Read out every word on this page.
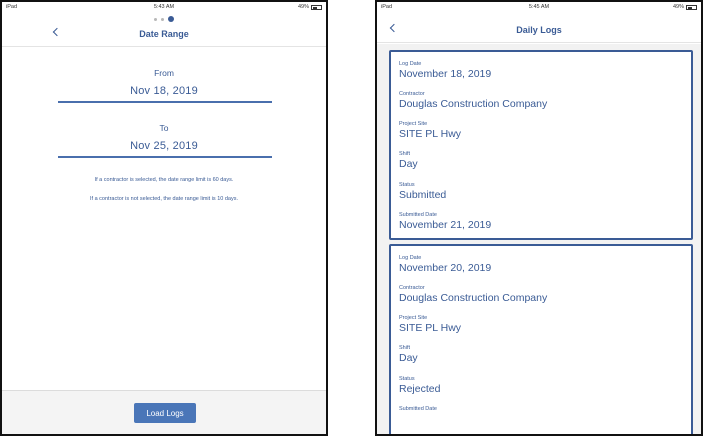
iPad	5:43 AM	49%
Date Range
From
Nov 18, 2019
To
Nov 25, 2019
If a contractor is selected, the date range limit is 60 days.
If a contractor is not selected, the date range limit is 10 days.
Load Logs
iPad	5:45 AM	49%
Daily Logs
Log Date
November 18, 2019
Contractor
Douglas Construction Company
Project Site
SITE PL Hwy
Shift
Day
Status
Submitted
Submitted Date
November 21, 2019
Log Date
November 20, 2019
Contractor
Douglas Construction Company
Project Site
SITE PL Hwy
Shift
Day
Status
Rejected
Submitted Date
